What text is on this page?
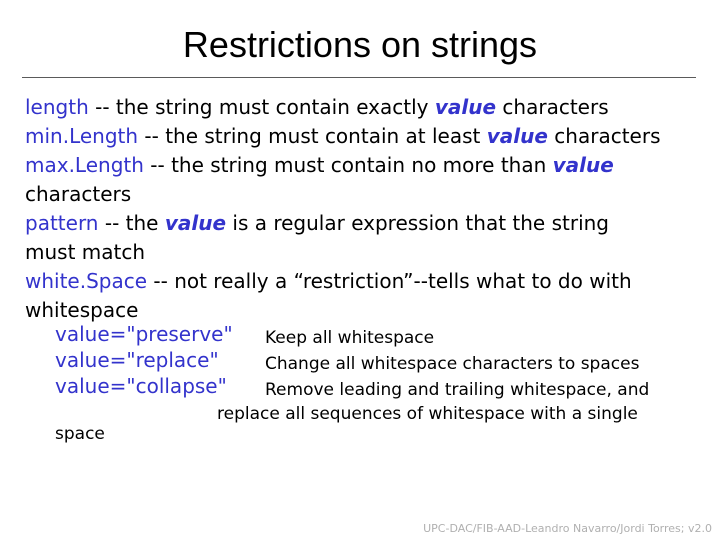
Restrictions on strings
length -- the string must contain exactly value characters
min.Length -- the string must contain at least value characters
max.Length -- the string must contain no more than value
characters
pattern -- the value is a regular expression that the string
must match
white.Space -- not really a “restriction”--tells what to do with
whitespace
value="preserve"	Keep all whitespace
value="replace"	Change all whitespace characters to spaces
value="collapse"	Remove leading and trailing whitespace, and
replace all sequences of whitespace with a single
space
UPC-DAC/FIB-AAD-Leandro Navarro/Jordi Torres; v2.0
